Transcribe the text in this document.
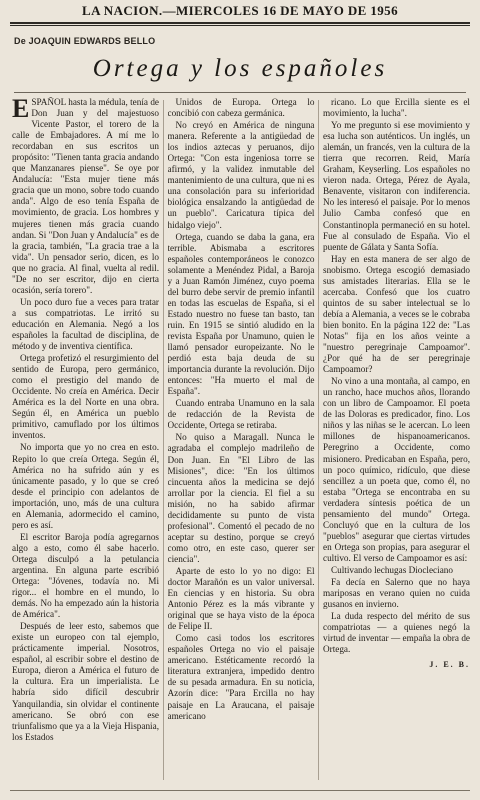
LA NACION.—MIERCOLES 16 DE MAYO DE 1956
De JOAQUIN EDWARDS BELLO
Ortega y los españoles

ESPAÑOL hasta la médula, tenía de Don Juan y del majestuoso Vicente Pastor, el torero de la calle de Embajadores. A mí me lo recordaban en sus escritos un propósito: "Tienen tanta gracia andando que Manzanares piense". Se oye por Andalucía: "Esta mujer tiene más gracia que un mono, sobre todo cuando anda". Algo de eso tenía España de movimiento, de gracia. Los hombres y mujeres tienen más gracia cuando andan. Si "Don Juan y Andalucía" es de la gracia, también, "La gracia trae a la vida". Un pensador serio, dicen, es lo que no gracia. Al final, vuelta al redil. "De no ser escritor, dijo en cierta ocasión, sería torero".

Un poco duro fue a veces para tratar a sus compatriotas. Le irritó su educación en Alemania. Negó a los españoles la facultad de disciplina, de método y de inventiva científica.

Ortega profetizó el resurgimiento del sentido de Europa, pero germánico, como el prestigio del mando de Occidente. No creía en América. Decir América es la del Norte en una obra. Según él, en América un pueblo primitivo, camuflado por los últimos inventos.

No importa que yo no crea en esto. Repito lo que creía Ortega. Según él, América no ha sufrido aún y es únicamente pasado, y lo que se creó desde el principio con adelantos de importación, uno, más de una cultura en Alemania, adormecido el camino, pero es así.

El escritor Baroja podía agregarnos algo a esto, como él sabe hacerlo. Ortega disculpó a la petulancia argentina. En alguna parte escribió Ortega: "Jóvenes, todavía no. Mi rigor... el hombre en el mundo, lo demás. No ha empezado aún la historia de América".

Después de leer esto, sabemos que existe un europeo con tal ejemplo, prácticamente imperial. Nosotros, español, al escribir sobre el destino de Europa, dieron a América el futuro de la cultura. Era un imperialista. Le habría sido difícil descubrir Yanquilandia, sin olvidar el continente americano. Se obró con ese triunfalismo que ya a la Vieja Hispania, los Estados

Unidos de Europa. Ortega lo concibió con cabeza germánica.

No creyó en América de ninguna manera. Referente a la antigüedad de los indios aztecas y peruanos, dijo Ortega: "Con esta ingeniosa torre se afirmó, y la validez inmutable del mantenimiento de una cultura, que ni es una consolación para su inferioridad biológica ensalzando la antigüedad de un pueblo". Caricatura típica del hidalgo viejo".

Ortega, cuando se daba la gana, era terrible. Abismaba a escritores españoles contemporáneos le conozco solamente a Menéndez Pidal, a Baroja y a Juan Ramón Jiménez, cuyo poema del burro debe servir de premio infantil en todas las escuelas de España, si el Estado nuestro no fuese tan basto, tan ruin. En 1915 se sintió aludido en la revista España por Unamuno, quien le llamó pensador europeizante. No le perdió esta baja deuda de su importancia durante la revolución. Dijo entonces: "Ha muerto el mal de España".

Cuando entraba Unamuno en la sala de redacción de la Revista de Occidente, Ortega se retiraba.

No quiso a Maragall. Nunca le agradaba el complejo madrileño de Don Juan. En "El Libro de las Misiones", dice: "En los últimos cincuenta años la medicina se dejó arrollar por la ciencia. El fiel a su misión, no ha sabido afirmar decididamente su punto de vista profesional". Comentó el pecado de no aceptar su destino, porque se creyó como otro, en este caso, querer ser ciencia".

Aparte de esto lo yo no digo: El doctor Marañón es un valor universal. En ciencias y en historia. Su obra Antonio Pérez es la más vibrante y original que se haya visto de la época de Felipe II.

Como casi todos los escritores españoles Ortega no vio el paisaje americano. Estéticamente recordó la literatura extranjera, impedido dentro de su pesada armadura. En su noticia, Azorín dice: "Para Ercilla no hay paisaje en La Araucana, el paisaje americano

ricano. Lo que Ercilla siente es el movimiento, la lucha".

Yo me pregunto si ese movimiento y esa lucha son auténticos. Un inglés, un alemán, un francés, ven la cultura de la tierra que recorren. Reid, María Graham, Keyserling. Los españoles no vieron nada. Ortega, Pérez de Ayala, Benavente, visitaron con indiferencia. No les interesó el paisaje. Por lo menos Julio Camba confesó que en Constantinopla permaneció en su hotel. Fue al consulado de España. Vio el puente de Gálata y Santa Sofía.

Hay en esta manera de ser algo de snobismo. Ortega escogió demasiado sus amistades literarias. Ella se le acercaba. Confesó que los cuatro quintos de su saber intelectual se lo debía a Alemania, a veces se le cobraba bien bonito. En la página 122 de: "Las Notas" fija en los años veinte a "nuestro peregrinaje Campoamor". ¿Por qué ha de ser peregrinaje Campoamor?

No vino a una montaña, al campo, en un rancho, hace muchos años, llorando con un libro de Campoamor. El poeta de las Doloras es predicador, fino. Los niños y las niñas se le acercan. Lo leen millones de hispanoamericanos. Peregrino a Occidente, como misionero. Predicaban en España, pero, un poco químico, ridículo, que diese sencillez a un poeta que, como él, no estaba "Ortega se encontraba en su verdadera síntesis poética de un pensamiento del mundo" Ortega. Concluyó que en la cultura de los "pueblos" asegurar que ciertas virtudes en Ortega son propias, para asegurar el cultivo. El verso de Campoamor es así:

Cultivando lechugas Diocleciano

Fa decía en Salerno que no haya mariposas en verano quien no cuida gusanos en invierno.

La duda respecto del mérito de sus compatriotas — a quienes negó la virtud de inventar — empaña la obra de Ortega.

J. E. B.
